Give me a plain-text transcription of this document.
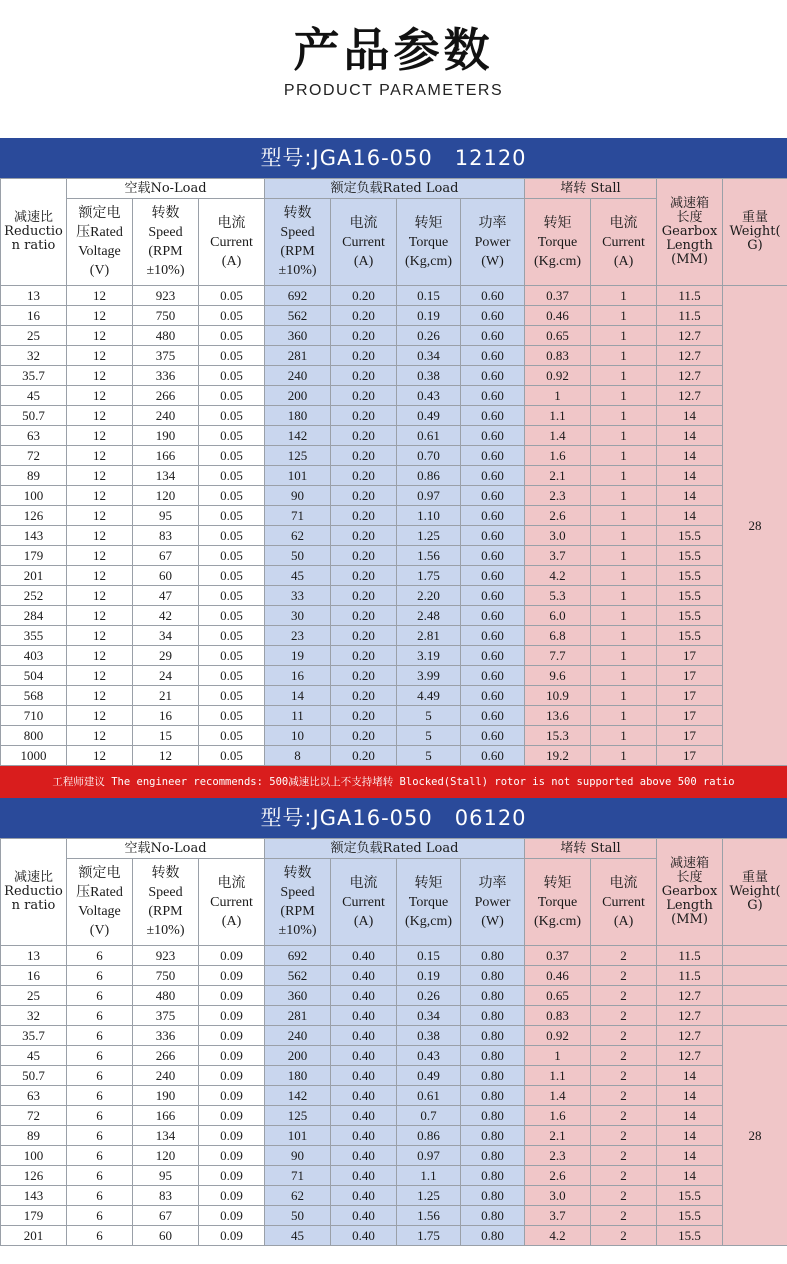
产品参数
PRODUCT PARAMETERS
型号:JGA16-050 12120
减速比
Reductio
n ratio	空载No-Load			额定负载Rated Load				堵转 Stall		减速箱
长度
Gearbox
Length
(MM)	重量
Weight(
G)
	额定电
压Rated
Voltage
(V)	转数
Speed
(RPM
±10%)	电流
Current
(A)	转数
Speed
(RPM
±10%)	电流
Current
(A)	转矩
Torque
(Kg,cm)	功率
Power
(W)	转矩
Torque
(Kg.cm)	电流
Current
(A)		
13	12	923	0.05	692	0.20	0.15	0.60	0.37	1	11.5	28
16	12	750	0.05	562	0.20	0.19	0.60	0.46	1	11.5	
25	12	480	0.05	360	0.20	0.26	0.60	0.65	1	12.7	
32	12	375	0.05	281	0.20	0.34	0.60	0.83	1	12.7	
35.7	12	336	0.05	240	0.20	0.38	0.60	0.92	1	12.7	
45	12	266	0.05	200	0.20	0.43	0.60	1	1	12.7	
50.7	12	240	0.05	180	0.20	0.49	0.60	1.1	1	14	
63	12	190	0.05	142	0.20	0.61	0.60	1.4	1	14	
72	12	166	0.05	125	0.20	0.70	0.60	1.6	1	14	
89	12	134	0.05	101	0.20	0.86	0.60	2.1	1	14	
100	12	120	0.05	90	0.20	0.97	0.60	2.3	1	14	
126	12	95	0.05	71	0.20	1.10	0.60	2.6	1	14	
143	12	83	0.05	62	0.20	1.25	0.60	3.0	1	15.5	
179	12	67	0.05	50	0.20	1.56	0.60	3.7	1	15.5	
201	12	60	0.05	45	0.20	1.75	0.60	4.2	1	15.5	
252	12	47	0.05	33	0.20	2.20	0.60	5.3	1	15.5	
284	12	42	0.05	30	0.20	2.48	0.60	6.0	1	15.5	
355	12	34	0.05	23	0.20	2.81	0.60	6.8	1	15.5	
403	12	29	0.05	19	0.20	3.19	0.60	7.7	1	17	
504	12	24	0.05	16	0.20	3.99	0.60	9.6	1	17	
568	12	21	0.05	14	0.20	4.49	0.60	10.9	1	17	
710	12	16	0.05	11	0.20	5	0.60	13.6	1	17	
800	12	15	0.05	10	0.20	5	0.60	15.3	1	17	
1000	12	12	0.05	8	0.20	5	0.60	19.2	1	17	
工程师建议 The engineer recommends: 500减速比以上不支持堵转 Blocked(Stall) rotor is not supported above 500 ratio
型号:JGA16-050 06120
减速比
Reductio
n ratio	空载No-Load			额定负载Rated Load				堵转 Stall		减速箱
长度
Gearbox
Length
(MM)	重量
Weight(
G)
	额定电
压Rated
Voltage
(V)	转数
Speed
(RPM
±10%)	电流
Current
(A)	转数
Speed
(RPM
±10%)	电流
Current
(A)	转矩
Torque
(Kg,cm)	功率
Power
(W)	转矩
Torque
(Kg.cm)	电流
Current
(A)		
13	6	923	0.09	692	0.40	0.15	0.80	0.37	2	11.5	
16	6	750	0.09	562	0.40	0.19	0.80	0.46	2	11.5	
25	6	480	0.09	360	0.40	0.26	0.80	0.65	2	12.7	
32	6	375	0.09	281	0.40	0.34	0.80	0.83	2	12.7	
35.7	6	336	0.09	240	0.40	0.38	0.80	0.92	2	12.7	28
45	6	266	0.09	200	0.40	0.43	0.80	1	2	12.7	
50.7	6	240	0.09	180	0.40	0.49	0.80	1.1	2	14	
63	6	190	0.09	142	0.40	0.61	0.80	1.4	2	14	
72	6	166	0.09	125	0.40	0.7	0.80	1.6	2	14	
89	6	134	0.09	101	0.40	0.86	0.80	2.1	2	14	
100	6	120	0.09	90	0.40	0.97	0.80	2.3	2	14	
126	6	95	0.09	71	0.40	1.1	0.80	2.6	2	14	
143	6	83	0.09	62	0.40	1.25	0.80	3.0	2	15.5	
179	6	67	0.09	50	0.40	1.56	0.80	3.7	2	15.5	
201	6	60	0.09	45	0.40	1.75	0.80	4.2	2	15.5	
